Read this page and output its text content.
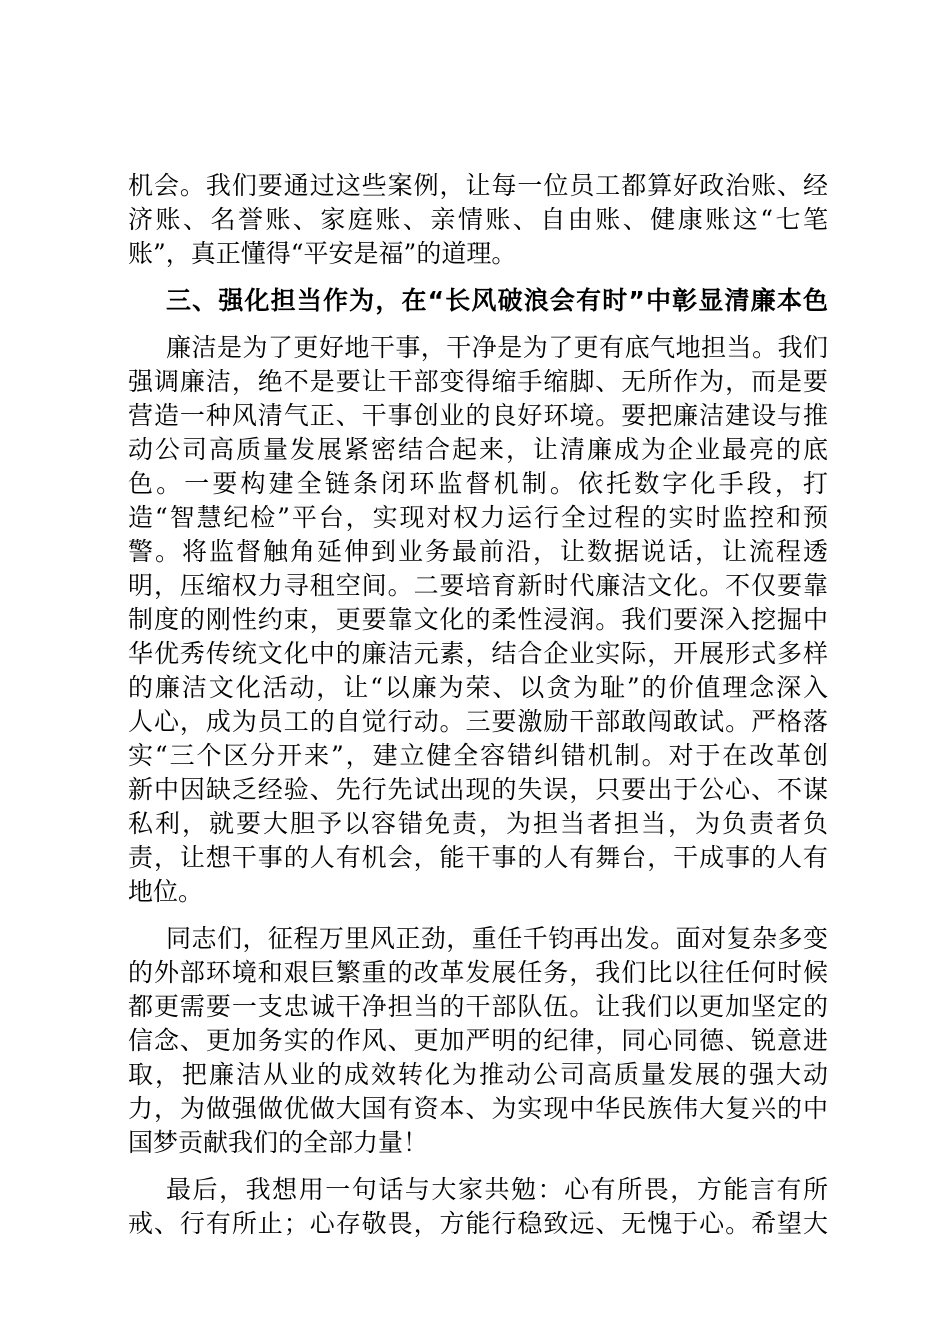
机会。我们要通过这些案例，让每一位员工都算好政治账、经
济账、名誉账、家庭账、亲情账、自由账、健康账这“七笔
账”，真正懂得“平安是福”的道理。
三、强化担当作为，在“长风破浪会有时”中彰显清廉本色
廉洁是为了更好地干事，干净是为了更有底气地担当。我们
强调廉洁，绝不是要让干部变得缩手缩脚、无所作为，而是要
营造一种风清气正、干事创业的良好环境。要把廉洁建设与推
动公司高质量发展紧密结合起来，让清廉成为企业最亮的底
色。一要构建全链条闭环监督机制。依托数字化手段，打
造“智慧纪检”平台，实现对权力运行全过程的实时监控和预
警。将监督触角延伸到业务最前沿，让数据说话，让流程透
明，压缩权力寻租空间。二要培育新时代廉洁文化。不仅要靠
制度的刚性约束，更要靠文化的柔性浸润。我们要深入挖掘中
华优秀传统文化中的廉洁元素，结合企业实际，开展形式多样
的廉洁文化活动，让“以廉为荣、以贪为耻”的价值理念深入
人心，成为员工的自觉行动。三要激励干部敢闯敢试。严格落
实“三个区分开来”，建立健全容错纠错机制。对于在改革创
新中因缺乏经验、先行先试出现的失误，只要出于公心、不谋
私利，就要大胆予以容错免责，为担当者担当，为负责者负
责，让想干事的人有机会，能干事的人有舞台，干成事的人有
地位。
同志们，征程万里风正劲，重任千钧再出发。面对复杂多变
的外部环境和艰巨繁重的改革发展任务，我们比以往任何时候
都更需要一支忠诚干净担当的干部队伍。让我们以更加坚定的
信念、更加务实的作风、更加严明的纪律，同心同德、锐意进
取，把廉洁从业的成效转化为推动公司高质量发展的强大动
力，为做强做优做大国有资本、为实现中华民族伟大复兴的中
国梦贡献我们的全部力量！
最后，我想用一句话与大家共勉：心有所畏，方能言有所
戒、行有所止；心存敬畏，方能行稳致远、无愧于心。希望大
